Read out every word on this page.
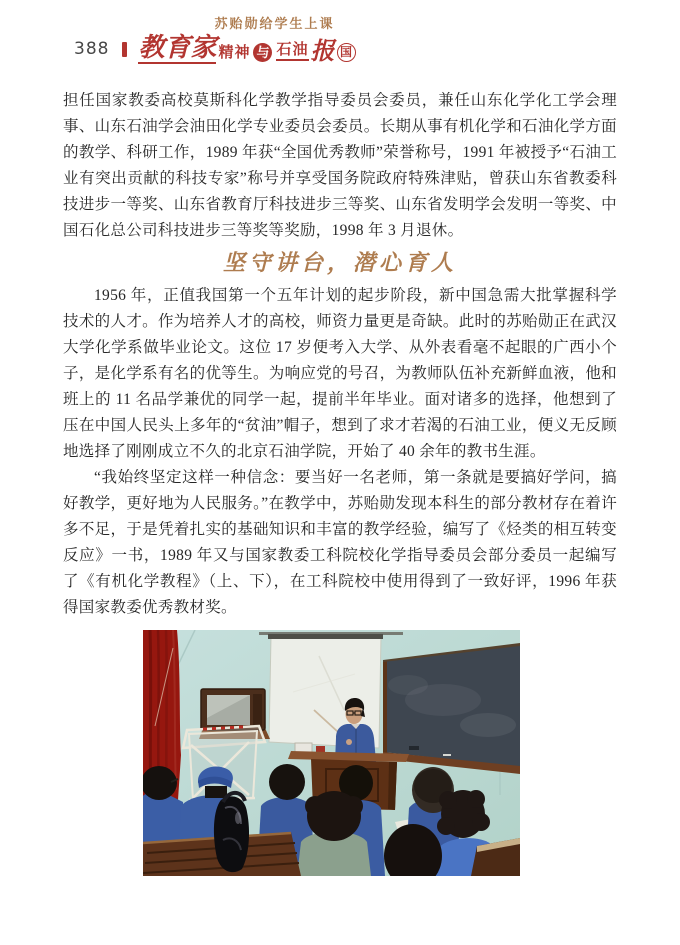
388 教育家 精神 与 石油 报 国

担任国家教委高校莫斯科化学教学指导委员会委员，兼任山东化学化工学会理事、山东石油学会油田化学专业委员会委员。长期从事有机化学和石油化学方面的教学、科研工作，1989 年获“全国优秀教师”荣誉称号，1991 年被授予“石油工业有突出贡献的科技专家”称号并享受国务院政府特殊津贴，曾获山东省教委科技进步一等奖、山东省教育厅科技进步三等奖、山东省发明学会发明一等奖、中国石化总公司科技进步三等奖等奖励，1998 年 3 月退休。

坚守讲台，潜心育人

1956 年，正值我国第一个五年计划的起步阶段，新中国急需大批掌握科学技术的人才。作为培养人才的高校，师资力量更是奇缺。此时的苏贻勋正在武汉大学化学系做毕业论文。这位 17 岁便考入大学、从外表看毫不起眼的广西小个子，是化学系有名的优等生。为响应党的号召，为教师队伍补充新鲜血液，他和班上的 11 名品学兼优的同学一起，提前半年毕业。面对诸多的选择，他想到了压在中国人民头上多年的“贫油”帽子，想到了求才若渴的石油工业，便义无反顾地选择了刚刚成立不久的北京石油学院，开始了 40 余年的教书生涯。

“我始终坚定这样一种信念：要当好一名老师，第一条就是要搞好学问，搞好教学，更好地为人民服务。”在教学中，苏贻勋发现本科生的部分教材存在着许多不足，于是凭着扎实的基础知识和丰富的教学经验，编写了《烃类的相互转变反应》一书，1989 年又与国家教委工科院校化学指导委员会部分委员一起编写了《有机化学教程》（上、下），在工科院校中使用得到了一致好评，1996 年获得国家教委优秀教材奖。

苏贻勋给学生上课
